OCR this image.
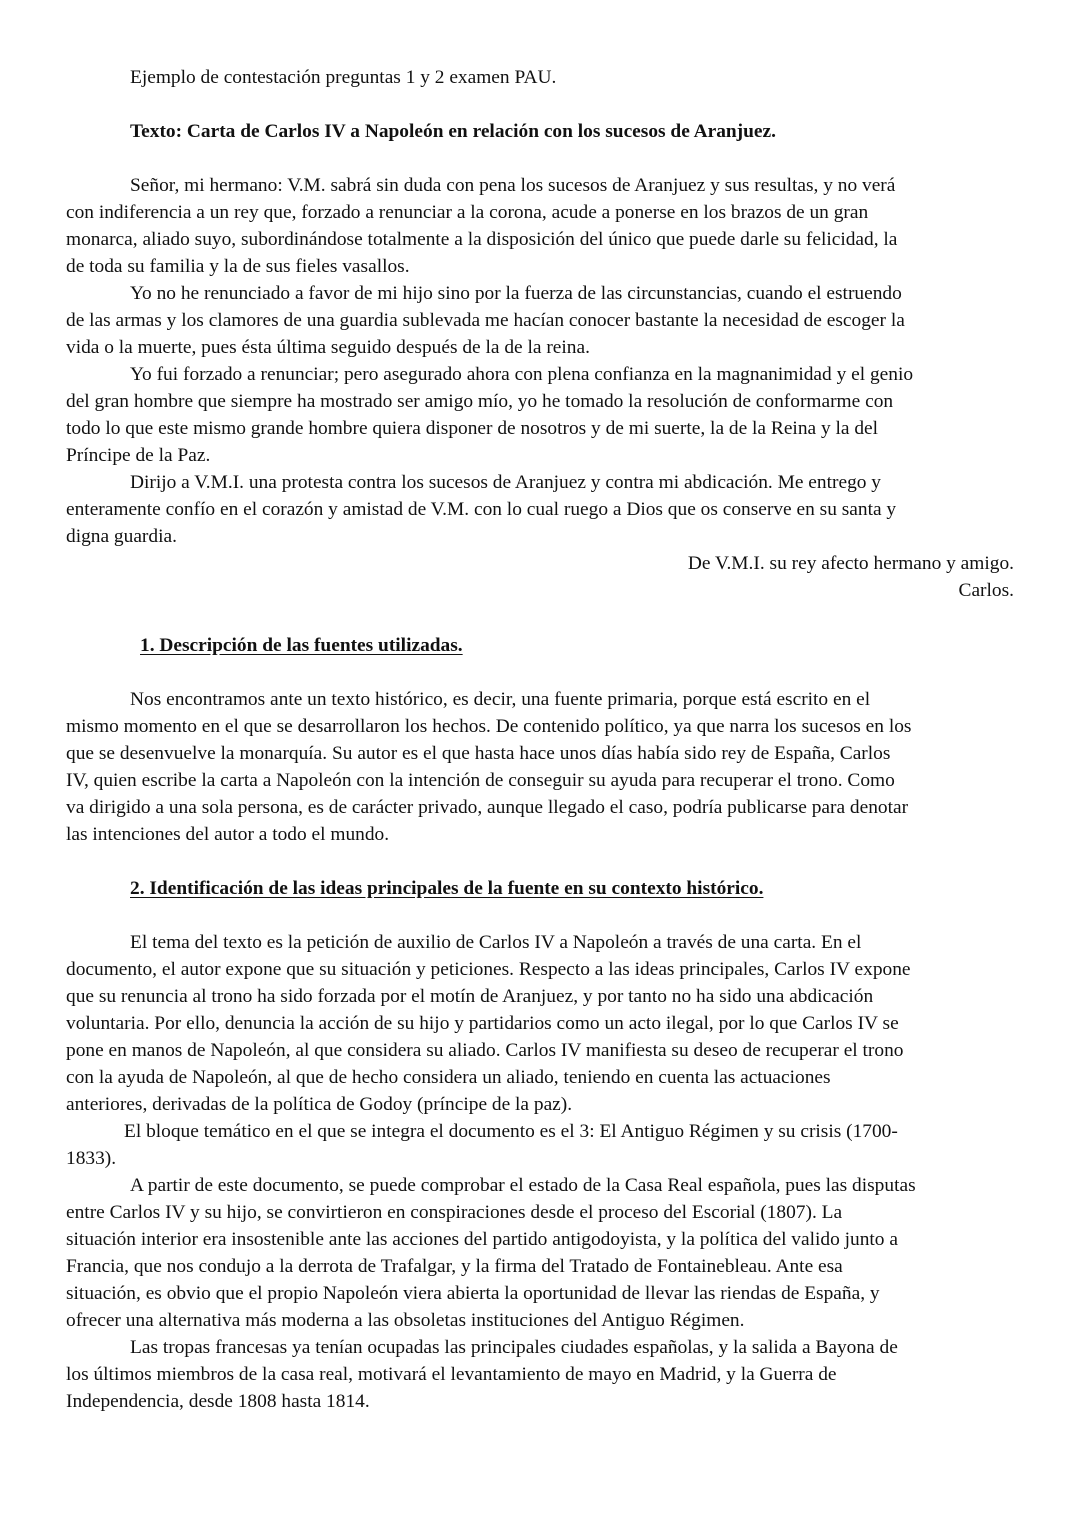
Ejemplo de contestación preguntas 1 y 2 examen PAU.

Texto: Carta de Carlos IV a Napoleón en relación con los sucesos de Aranjuez.

Señor, mi hermano: V.M. sabrá sin duda con pena los sucesos de Aranjuez y sus resultas, y no verá

con indiferencia a un rey que, forzado a renunciar a la corona, acude a ponerse en los brazos de un gran

monarca, aliado suyo, subordinándose totalmente a la disposición del único que puede darle su felicidad, la

de toda su familia y la de sus fieles vasallos.

Yo no he renunciado a favor de mi hijo sino por la fuerza de las circunstancias, cuando el estruendo

de las armas y los clamores de una guardia sublevada me hacían conocer bastante la necesidad de escoger la

vida o la muerte, pues ésta última seguido después de la de la reina.

Yo fui forzado a renunciar; pero asegurado ahora con plena confianza en la magnanimidad y el genio

del gran hombre que siempre ha mostrado ser amigo mío, yo he tomado la resolución de conformarme con

todo lo que este mismo grande hombre quiera disponer de nosotros y de mi suerte, la de la Reina y la del

Príncipe de la Paz.

Dirijo a V.M.I. una protesta contra los sucesos de Aranjuez y contra mi abdicación. Me entrego y

enteramente confío en el corazón y amistad de V.M. con lo cual ruego a Dios que os conserve en su santa y

digna guardia.

De V.M.I. su rey afecto hermano y amigo.

Carlos.

1. Descripción de las fuentes utilizadas.

Nos encontramos ante un texto histórico, es decir, una fuente primaria, porque está escrito en el

mismo momento en el que se desarrollaron los hechos. De contenido político, ya que narra los sucesos en los

que se desenvuelve la monarquía. Su autor es el que hasta hace unos días había sido rey de España, Carlos

IV, quien escribe la carta a Napoleón con la intención de conseguir su ayuda para recuperar el trono. Como

va dirigido a una sola persona, es de carácter privado, aunque llegado el caso, podría publicarse para denotar

las intenciones del autor a todo el mundo.

2. Identificación de las ideas principales de la fuente en su contexto histórico.

El tema del texto es la petición de auxilio de Carlos IV a Napoleón a través de una carta. En el

documento, el autor expone que su situación y peticiones. Respecto a las ideas principales, Carlos IV expone

que su renuncia al trono ha sido forzada por el motín de Aranjuez, y por tanto no ha sido una abdicación

voluntaria. Por ello, denuncia la acción de su hijo y partidarios como un acto ilegal, por lo que Carlos IV se

pone en manos de Napoleón, al que considera su aliado. Carlos IV manifiesta su deseo de recuperar el trono

con la ayuda de Napoleón, al que de hecho considera un aliado, teniendo en cuenta las actuaciones

anteriores, derivadas de la política de Godoy (príncipe de la paz).

El bloque temático en el que se integra el documento es el 3: El Antiguo Régimen y su crisis (1700-

1833).

A partir de este documento, se puede comprobar el estado de la Casa Real española, pues las disputas

entre Carlos IV y su hijo, se convirtieron en conspiraciones desde el proceso del Escorial (1807). La

situación interior era insostenible ante las acciones del partido antigodoyista, y la política del valido junto a

Francia, que nos condujo a la derrota de Trafalgar, y la firma del Tratado de Fontainebleau. Ante esa

situación, es obvio que el propio Napoleón viera abierta la oportunidad de llevar las riendas de España, y

ofrecer una alternativa más moderna a las obsoletas instituciones del Antiguo Régimen.

Las tropas francesas ya tenían ocupadas las principales ciudades españolas, y la salida a Bayona de

los últimos miembros de la casa real, motivará el levantamiento de mayo en Madrid, y la Guerra de

Independencia, desde 1808 hasta 1814.
